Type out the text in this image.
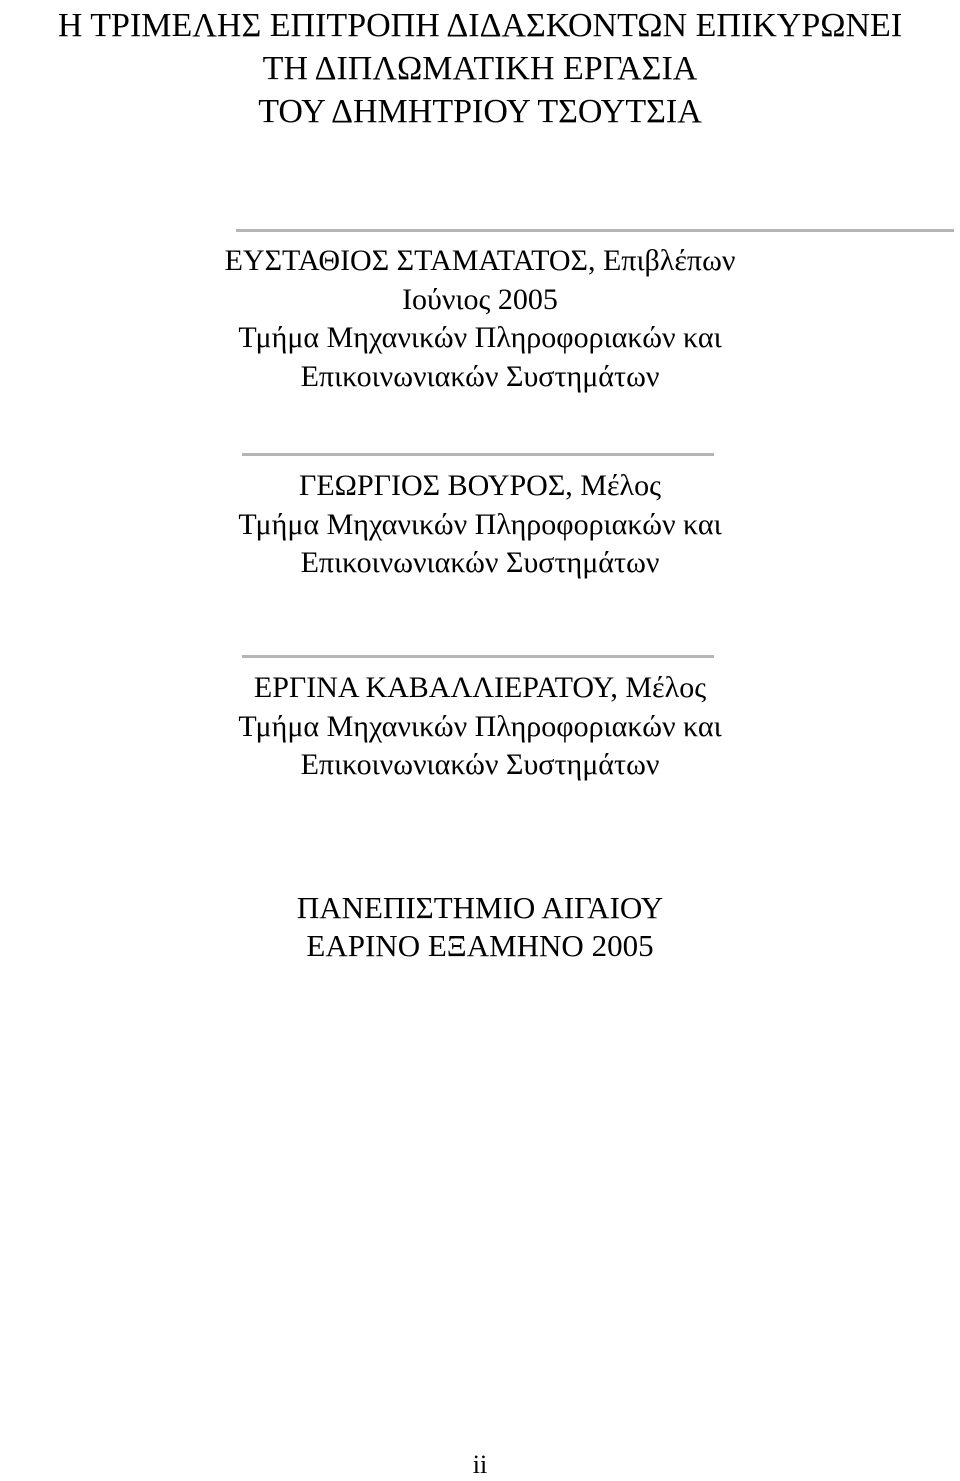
Η ΤΡΙΜΕΛΗΣ ΕΠΙΤΡΟΠΗ ΔΙΔΑΣΚΟΝΤΩΝ ΕΠΙΚΥΡΩΝΕΙ
ΤΗ ΔΙΠΛΩΜΑΤΙΚΗ ΕΡΓΑΣΙΑ
ΤΟΥ ΔΗΜΗΤΡΙΟΥ ΤΣΟΥΤΣΙΑ
ΕΥΣΤΑΘΙΟΣ ΣΤΑΜΑΤΑΤΟΣ, Επιβλέπων
Ιούνιος 2005
Τμήμα Μηχανικών Πληροφοριακών και
Επικοινωνιακών Συστημάτων
ΓΕΩΡΓΙΟΣ ΒΟΥΡΟΣ, Μέλος
Τμήμα Μηχανικών Πληροφοριακών και
Επικοινωνιακών Συστημάτων
ΕΡΓΙΝΑ ΚΑΒΑΛΛΙΕΡΑΤΟΥ, Μέλος
Τμήμα Μηχανικών Πληροφοριακών και
Επικοινωνιακών Συστημάτων
ΠΑΝΕΠΙΣΤΗΜΙΟ ΑΙΓΑΙΟΥ
ΕΑΡΙΝΟ ΕΞΑΜΗΝΟ 2005
ii
